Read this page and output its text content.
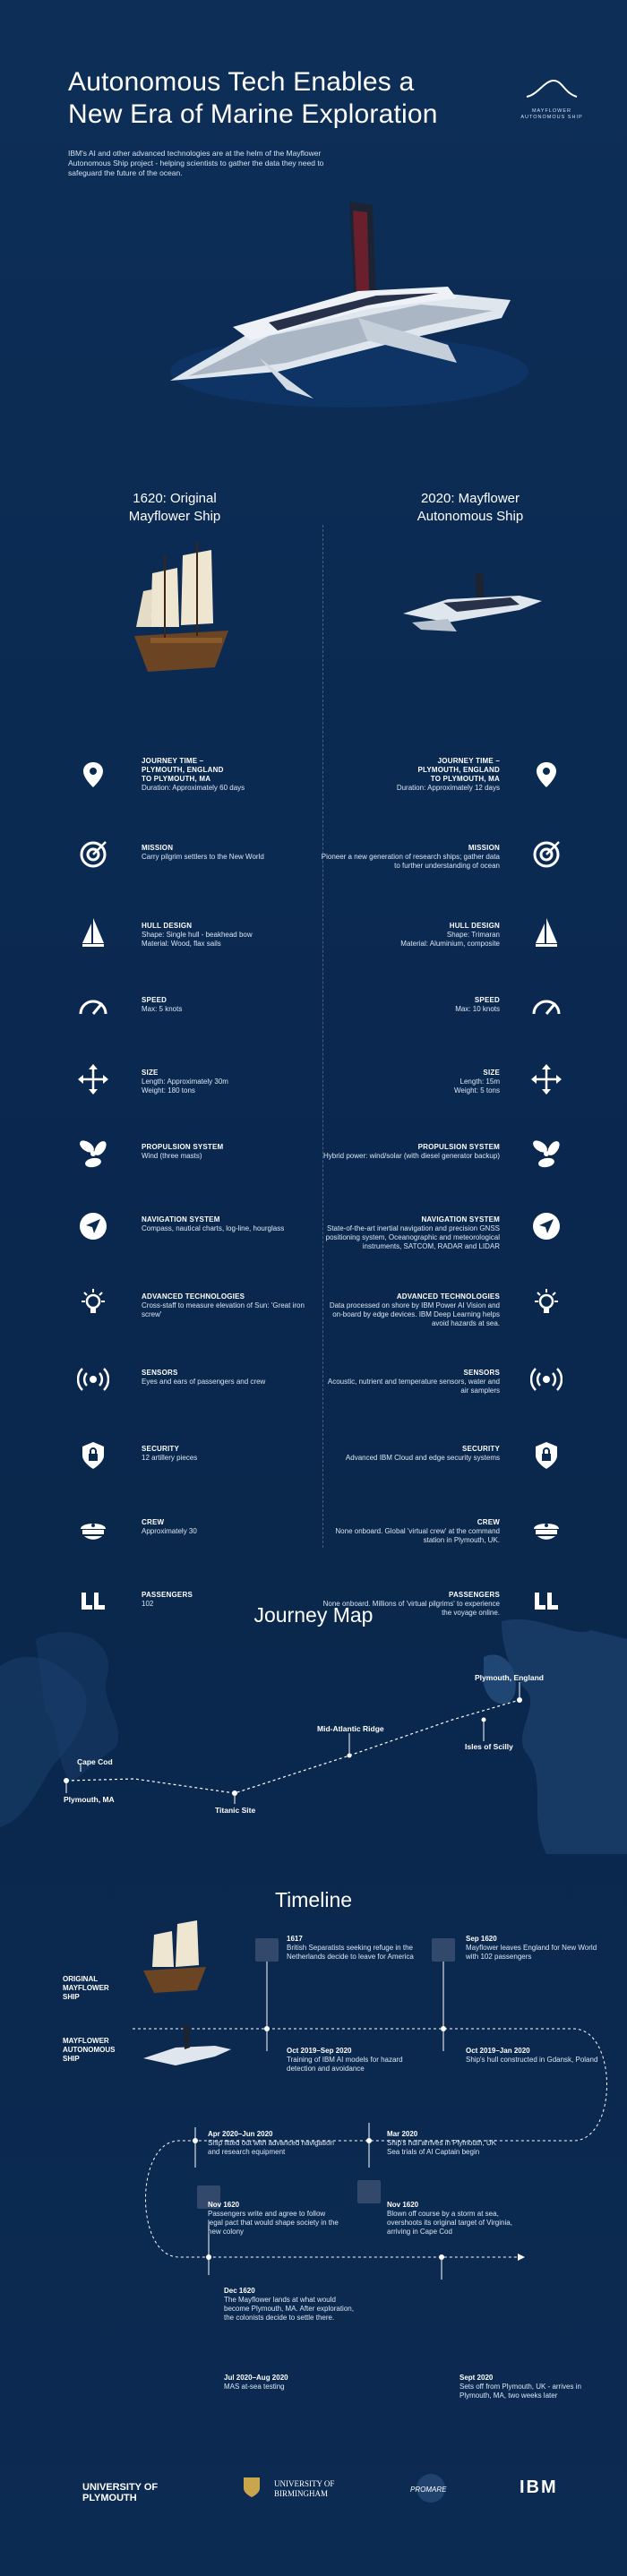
Autonomous Tech Enables a New Era of Marine Exploration
IBM's AI and other advanced technologies are at the helm of the Mayflower Autonomous Ship project - helping scientists to gather the data they need to safeguard the future of the ocean.
MAYFLOWER AUTONOMOUS SHIP
1620: Original
Mayflower Ship
2020: Mayflower
Autonomous Ship
JOURNEY TIME –
PLYMOUTH, ENGLAND
TO PLYMOUTH, MA
Duration: Approximately 60 days
JOURNEY TIME –
PLYMOUTH, ENGLAND
TO PLYMOUTH, MA
Duration: Approximately 12 days
MISSION
Carry pilgrim settlers to the New World
MISSION
Pioneer a new generation of research ships; gather data to further understanding of ocean
HULL DESIGN
Shape: Single hull - beakhead bow
Material: Wood, flax sails
HULL DESIGN
Shape: Trimaran
Material: Aluminium, composite
SPEED
Max: 5 knots
SPEED
Max: 10 knots
SIZE
Length: Approximately 30m
Weight: 180 tons
SIZE
Length: 15m
Weight: 5 tons
PROPULSION SYSTEM
Wind (three masts)
PROPULSION SYSTEM
Hybrid power: wind/solar (with diesel generator backup)
NAVIGATION SYSTEM
Compass, nautical charts, log-line, hourglass
NAVIGATION SYSTEM
State-of-the-art inertial navigation and precision GNSS positioning system, Oceanographic and meteorological instruments, SATCOM, RADAR and LIDAR
ADVANCED TECHNOLOGIES
Cross-staff to measure elevation of Sun: 'Great iron screw'
ADVANCED TECHNOLOGIES
Data processed on shore by IBM Power AI Vision and on-board by edge devices. IBM Deep Learning helps avoid hazards at sea.
SENSORS
Eyes and ears of passengers and crew
SENSORS
Acoustic, nutrient and temperature sensors, water and air samplers
SECURITY
12 artillery pieces
SECURITY
Advanced IBM Cloud and edge security systems
CREW
Approximately 30
CREW
None onboard. Global 'virtual crew' at the command station in Plymouth, UK.
PASSENGERS
102
PASSENGERS
None onboard. Millions of 'virtual pilgrims' to experience the voyage online.
Journey Map
Plymouth, England
Mid-Atlantic Ridge
Isles of Scilly
Cape Cod
Plymouth, MA
Titanic Site
Timeline
ORIGINAL
MAYFLOWER
SHIP
MAYFLOWER
AUTONOMOUS
SHIP
1617
British Separatists seeking refuge in the Netherlands decide to leave for America
Sep 1620
Mayflower leaves England for New World with 102 passengers
Oct 2019–Sep 2020
Training of IBM AI models for hazard detection and avoidance
Oct 2019–Jan 2020
Ship's hull constructed in Gdansk, Poland
Apr 2020–Jun 2020
Ship fitted out with advanced navigation and research equipment
Mar 2020
Ship's hull arrives in Plymouth, UK
Sea trials of AI Captain begin
Nov 1620
Passengers write and agree to follow legal pact that would shape society in the new colony
Nov 1620
Blown off course by a storm at sea, overshoots its original target of Virginia, arriving in Cape Cod
Dec 1620
The Mayflower lands at what would become Plymouth, MA. After exploration, the colonists decide to settle there.
Jul 2020–Aug 2020
MAS at-sea testing
Sept 2020
Sets off from Plymouth, UK - arrives in Plymouth, MA, two weeks later
UNIVERSITY OF
PLYMOUTH
UNIVERSITY OF
BIRMINGHAM	PROMARE	IBM
